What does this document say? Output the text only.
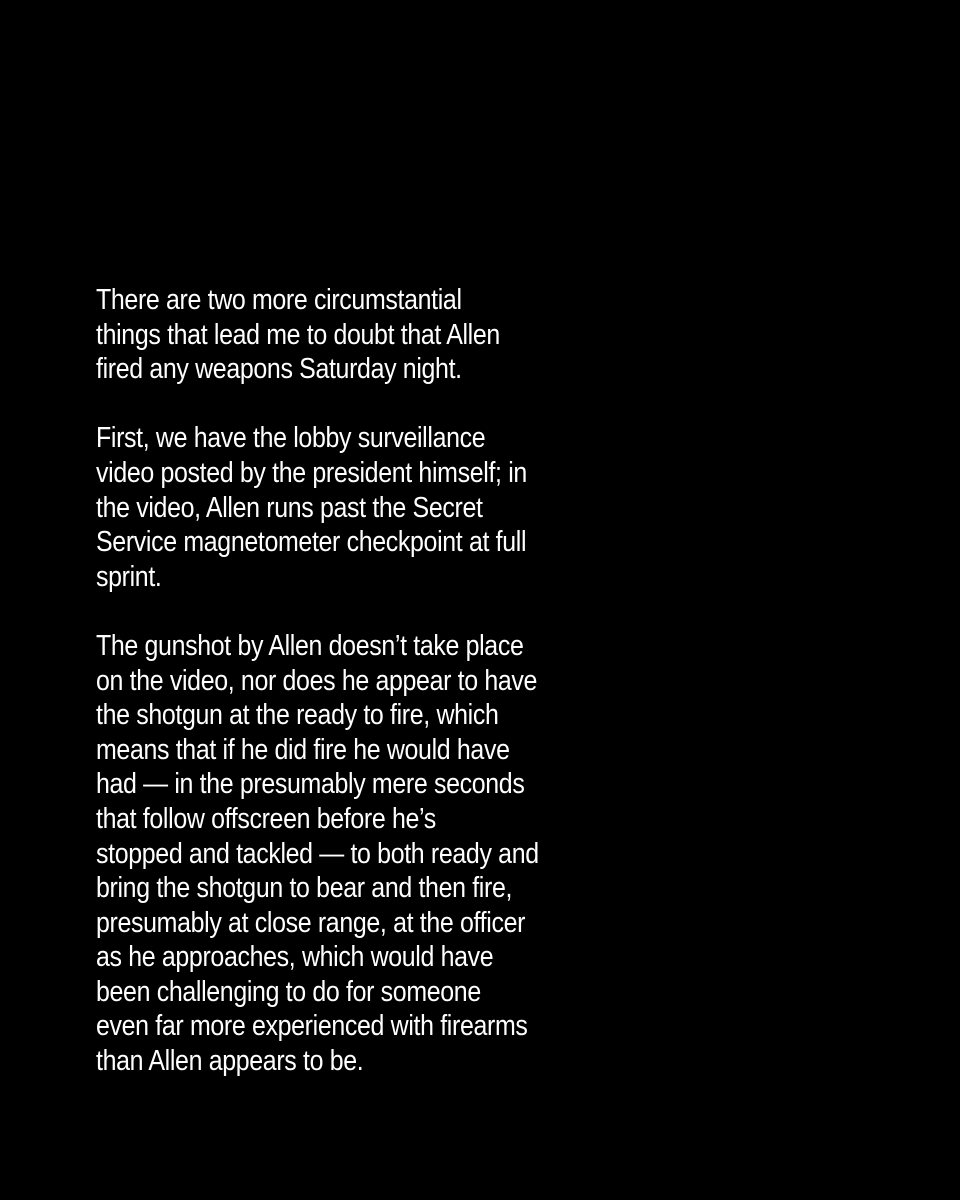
There are two more circumstantial
things that lead me to doubt that Allen
fired any weapons Saturday night.
First, we have the lobby surveillance
video posted by the president himself; in
the video, Allen runs past the Secret
Service magnetometer checkpoint at full
sprint.
The gunshot by Allen doesn’t take place
on the video, nor does he appear to have
the shotgun at the ready to fire, which
means that if he did fire he would have
had — in the presumably mere seconds
that follow offscreen before he’s
stopped and tackled — to both ready and
bring the shotgun to bear and then fire,
presumably at close range, at the officer
as he approaches, which would have
been challenging to do for someone
even far more experienced with firearms
than Allen appears to be.
